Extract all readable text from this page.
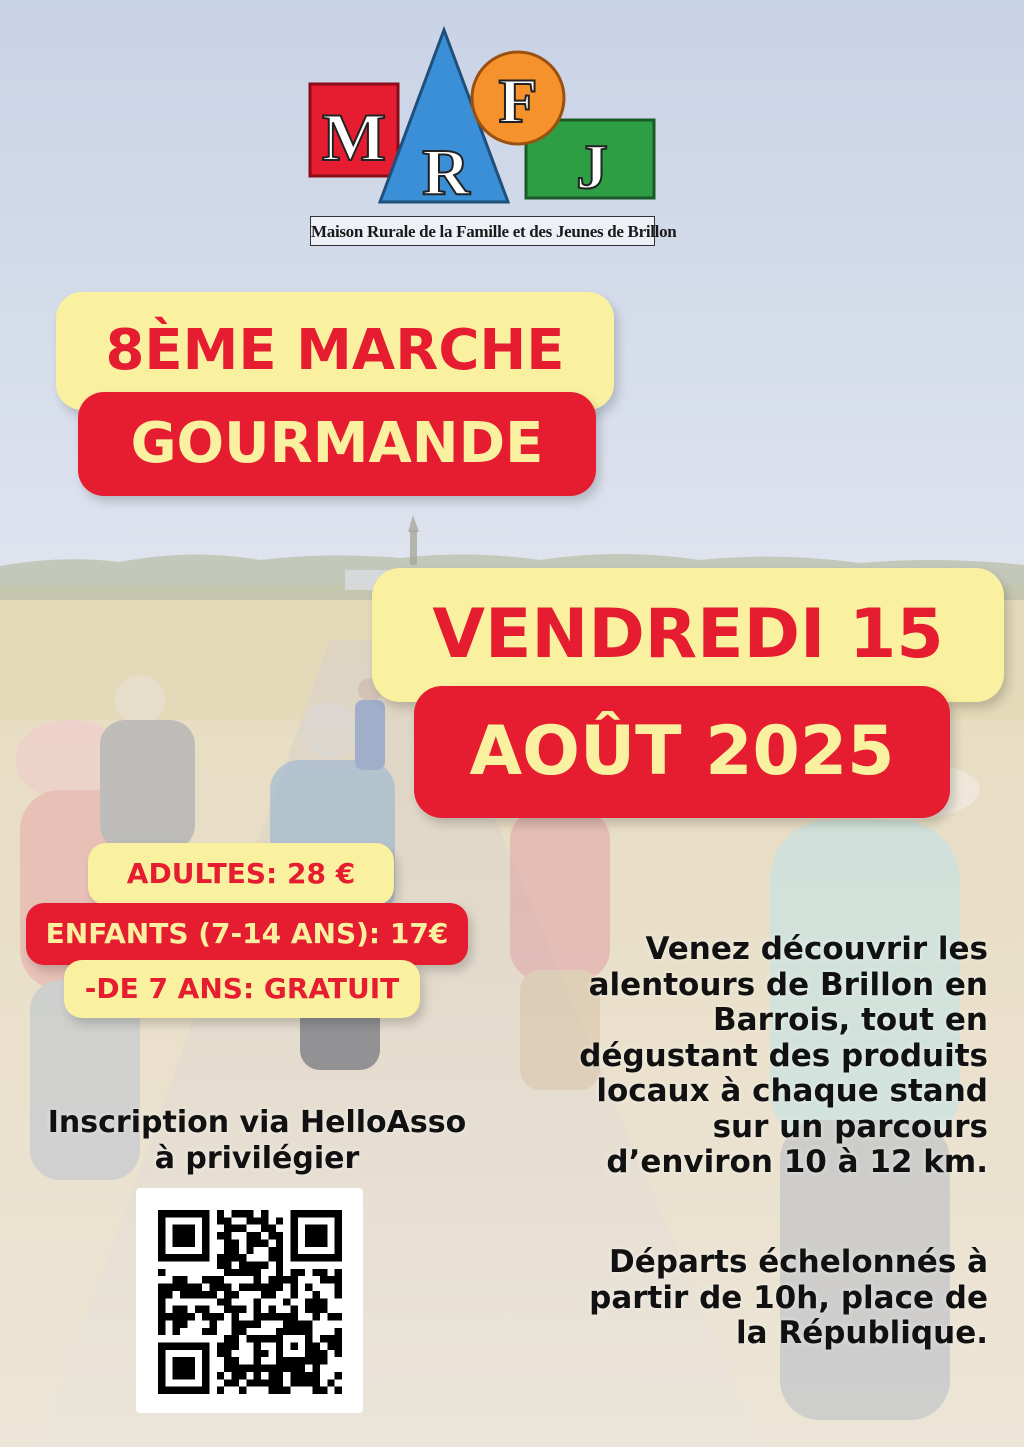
M R
F
J
Maison Rurale de la Famille et des Jeunes de Brillon
8ÈME MARCHE
GOURMANDE
VENDREDI 15
AOÛT 2025
ADULTES: 28 €
ENFANTS (7-14 ANS): 17€
-DE 7 ANS: GRATUIT
Inscription via HelloAsso
à privilégier
Venez découvrir les
alentours de Brillon en
Barrois, tout en
dégustant des produits
locaux à chaque stand
sur un parcours
d’environ 10 à 12 km.
Départs échelonnés à
partir de 10h, place de
la République.
